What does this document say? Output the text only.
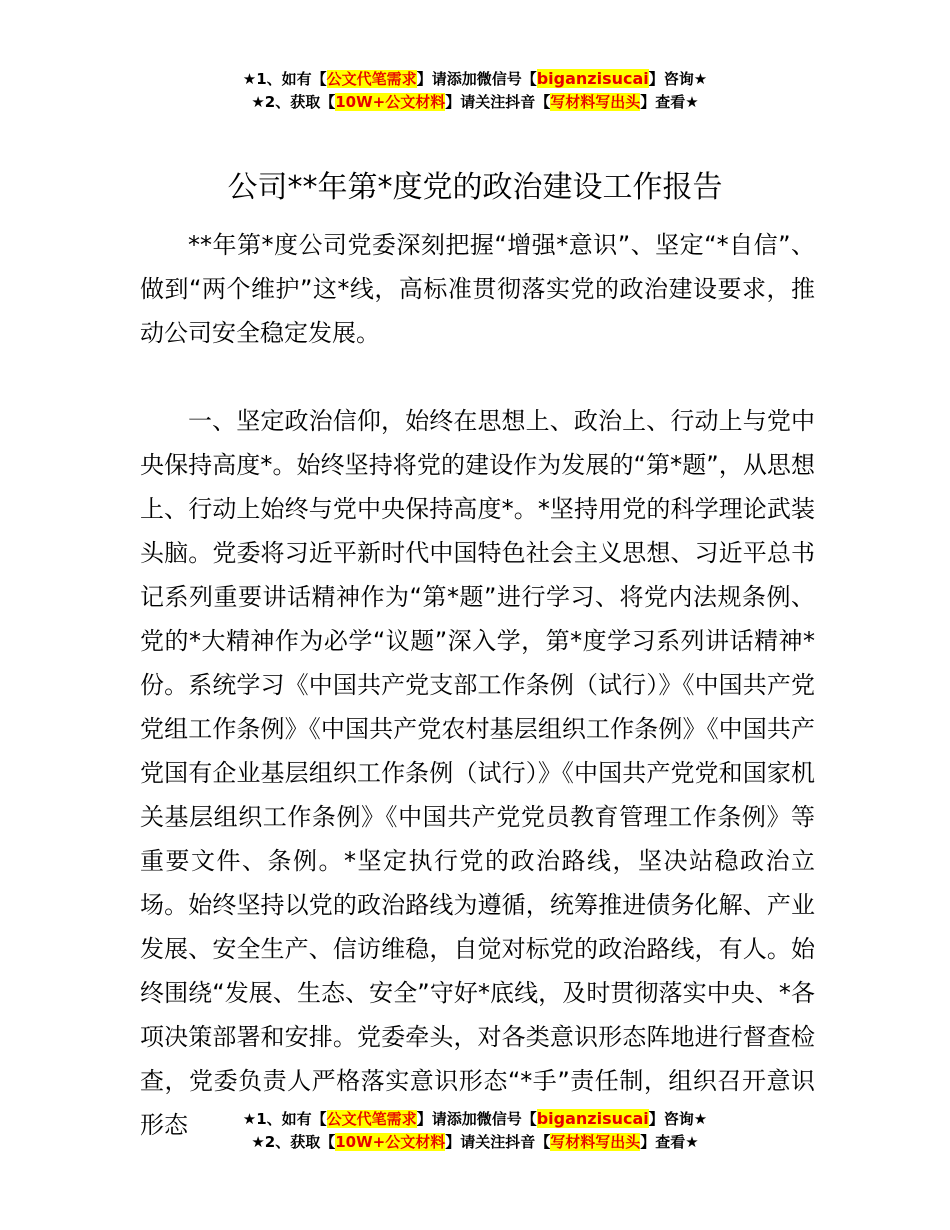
★1、如有【公文代笔需求】请添加微信号【biganzisucai】咨询★
★2、获取【10W+公文材料】请关注抖音【写材料写出头】查看★
公司**年第*度党的政治建设工作报告

**年第*度公司党委深刻把握“增强*意识”、坚定“*自信”、做到“两个维护”这*线，高标准贯彻落实党的政治建设要求，推动公司安全稳定发展。

一、坚定政治信仰，始终在思想上、政治上、行动上与党中央保持高度*。始终坚持将党的建设作为发展的“第*题”，从思想上、行动上始终与党中央保持高度*。*坚持用党的科学理论武装头脑。党委将习近平新时代中国特色社会主义思想、习近平总书记系列重要讲话精神作为“第*题”进行学习、将党内法规条例、党的*大精神作为必学“议题”深入学，第*度学习系列讲话精神*份。系统学习《中国共产党支部工作条例（试行）》《中国共产党党组工作条例》《中国共产党农村基层组织工作条例》《中国共产党国有企业基层组织工作条例（试行）》《中国共产党党和国家机关基层组织工作条例》《中国共产党党员教育管理工作条例》等重要文件、条例。*坚定执行党的政治路线，坚决站稳政治立场。始终坚持以党的政治路线为遵循，统筹推进债务化解、产业发展、安全生产、信访维稳，自觉对标党的政治路线，有人。始终围绕“发展、生态、安全”守好*底线，及时贯彻落实中央、*各项决策部署和安排。党委牵头，对各类意识形态阵地进行督查检查，党委负责人严格落实意识形态“*手”责任制，组织召开意识形态	★1、如有【公文代笔需求】请添加微信号【biganzisucai】咨询★
★2、获取【10W+公文材料】请关注抖音【写材料写出头】查看★
